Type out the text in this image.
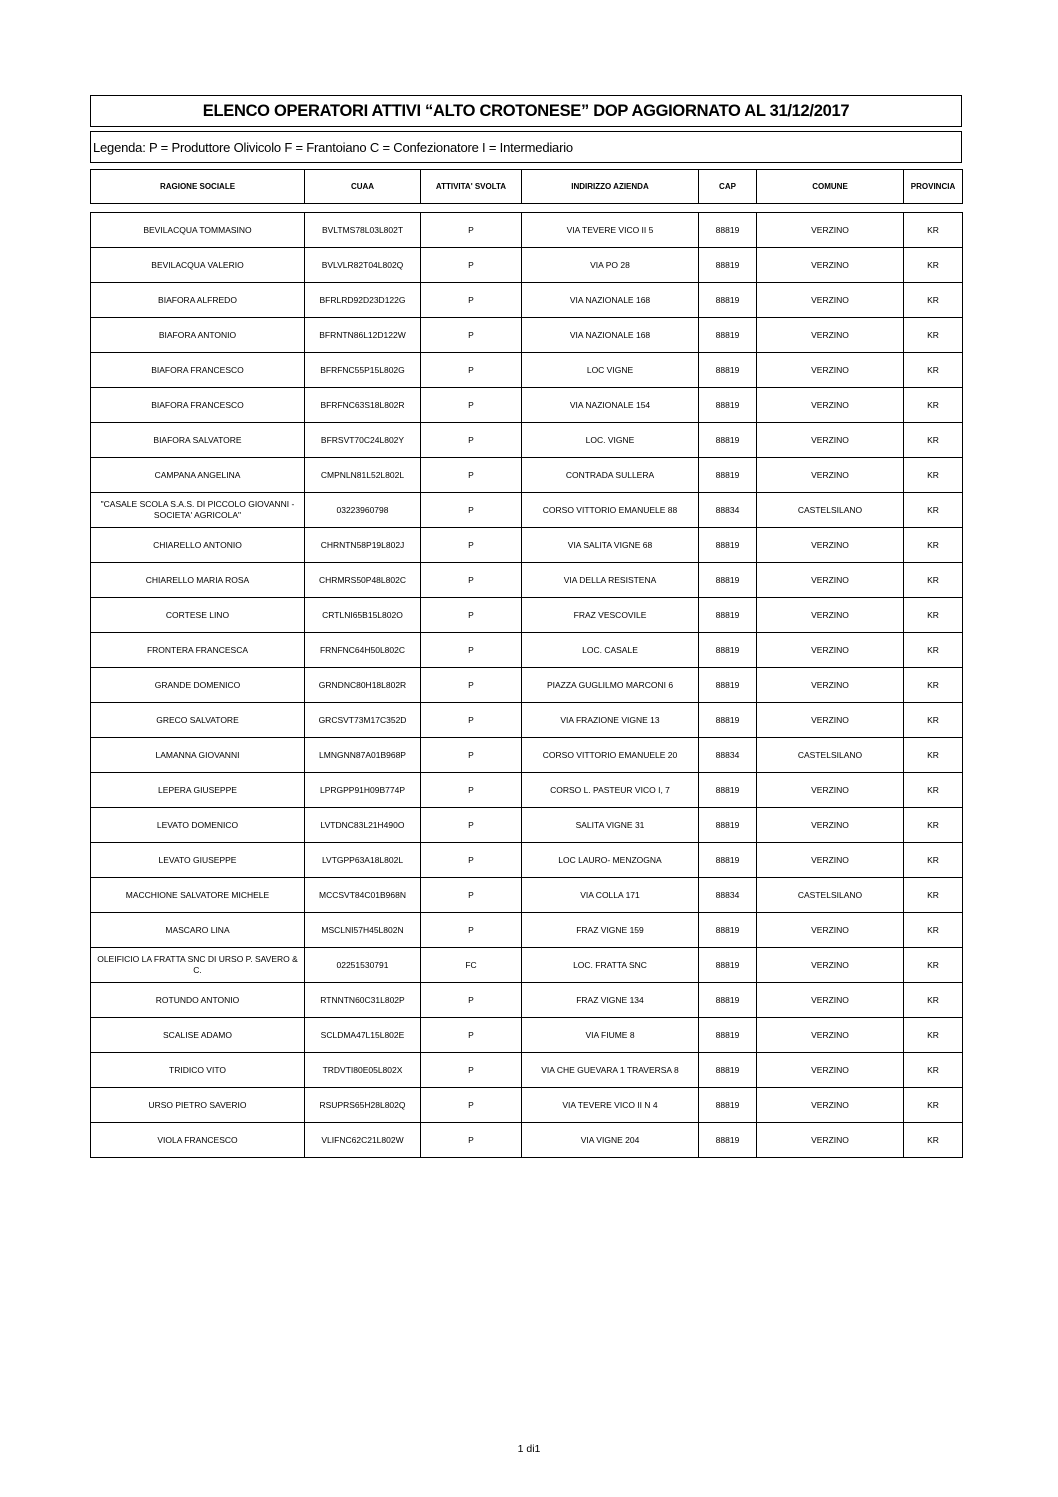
ELENCO OPERATORI ATTIVI “ALTO CROTONESE” DOP AGGIORNATO AL 31/12/2017
Legenda: P = Produttore Olivicolo F = Frantoiano C = Confezionatore I = Intermediario
RAGIONE SOCIALE	CUAA	ATTIVITA' SVOLTA	INDIRIZZO AZIENDA	CAP	COMUNE	PROVINCIA
BEVILACQUA TOMMASINO	BVLTMS78L03L802T	P	VIA TEVERE VICO II 5	88819	VERZINO	KR
BEVILACQUA VALERIO	BVLVLR82T04L802Q	P	VIA PO 28	88819	VERZINO	KR
BIAFORA ALFREDO	BFRLRD92D23D122G	P	VIA NAZIONALE 168	88819	VERZINO	KR
BIAFORA ANTONIO	BFRNTN86L12D122W	P	VIA NAZIONALE 168	88819	VERZINO	KR
BIAFORA FRANCESCO	BFRFNC55P15L802G	P	LOC VIGNE	88819	VERZINO	KR
BIAFORA FRANCESCO	BFRFNC63S18L802R	P	VIA NAZIONALE 154	88819	VERZINO	KR
BIAFORA SALVATORE	BFRSVT70C24L802Y	P	LOC. VIGNE	88819	VERZINO	KR
CAMPANA ANGELINA	CMPNLN81L52L802L	P	CONTRADA SULLERA	88819	VERZINO	KR
"CASALE SCOLA S.A.S. DI PICCOLO GIOVANNI - SOCIETA' AGRICOLA"	03223960798	P	CORSO VITTORIO EMANUELE 88	88834	CASTELSILANO	KR
CHIARELLO ANTONIO	CHRNTN58P19L802J	P	VIA SALITA VIGNE 68	88819	VERZINO	KR
CHIARELLO MARIA ROSA	CHRMRS50P48L802C	P	VIA DELLA RESISTENA	88819	VERZINO	KR
CORTESE LINO	CRTLNI65B15L802O	P	FRAZ VESCOVILE	88819	VERZINO	KR
FRONTERA FRANCESCA	FRNFNC64H50L802C	P	LOC. CASALE	88819	VERZINO	KR
GRANDE DOMENICO	GRNDNC80H18L802R	P	PIAZZA GUGLILMO MARCONI 6	88819	VERZINO	KR
GRECO SALVATORE	GRCSVT73M17C352D	P	VIA FRAZIONE VIGNE 13	88819	VERZINO	KR
LAMANNA GIOVANNI	LMNGNN87A01B968P	P	CORSO VITTORIO EMANUELE 20	88834	CASTELSILANO	KR
LEPERA GIUSEPPE	LPRGPP91H09B774P	P	CORSO L. PASTEUR VICO I, 7	88819	VERZINO	KR
LEVATO DOMENICO	LVTDNC83L21H490O	P	SALITA VIGNE 31	88819	VERZINO	KR
LEVATO GIUSEPPE	LVTGPP63A18L802L	P	LOC LAURO- MENZOGNA	88819	VERZINO	KR
MACCHIONE SALVATORE MICHELE	MCCSVT84C01B968N	P	VIA COLLA 171	88834	CASTELSILANO	KR
MASCARO LINA	MSCLNI57H45L802N	P	FRAZ VIGNE 159	88819	VERZINO	KR
OLEIFICIO LA FRATTA SNC DI URSO P. SAVERO & C.	02251530791	FC	LOC. FRATTA SNC	88819	VERZINO	KR
ROTUNDO ANTONIO	RTNNTN60C31L802P	P	FRAZ VIGNE 134	88819	VERZINO	KR
SCALISE ADAMO	SCLDMA47L15L802E	P	VIA FIUME 8	88819	VERZINO	KR
TRIDICO VITO	TRDVTI80E05L802X	P	VIA CHE GUEVARA 1 TRAVERSA 8	88819	VERZINO	KR
URSO PIETRO SAVERIO	RSUPRS65H28L802Q	P	VIA TEVERE VICO II N 4	88819	VERZINO	KR
VIOLA FRANCESCO	VLIFNC62C21L802W	P	VIA VIGNE 204	88819	VERZINO	KR
1 di1
